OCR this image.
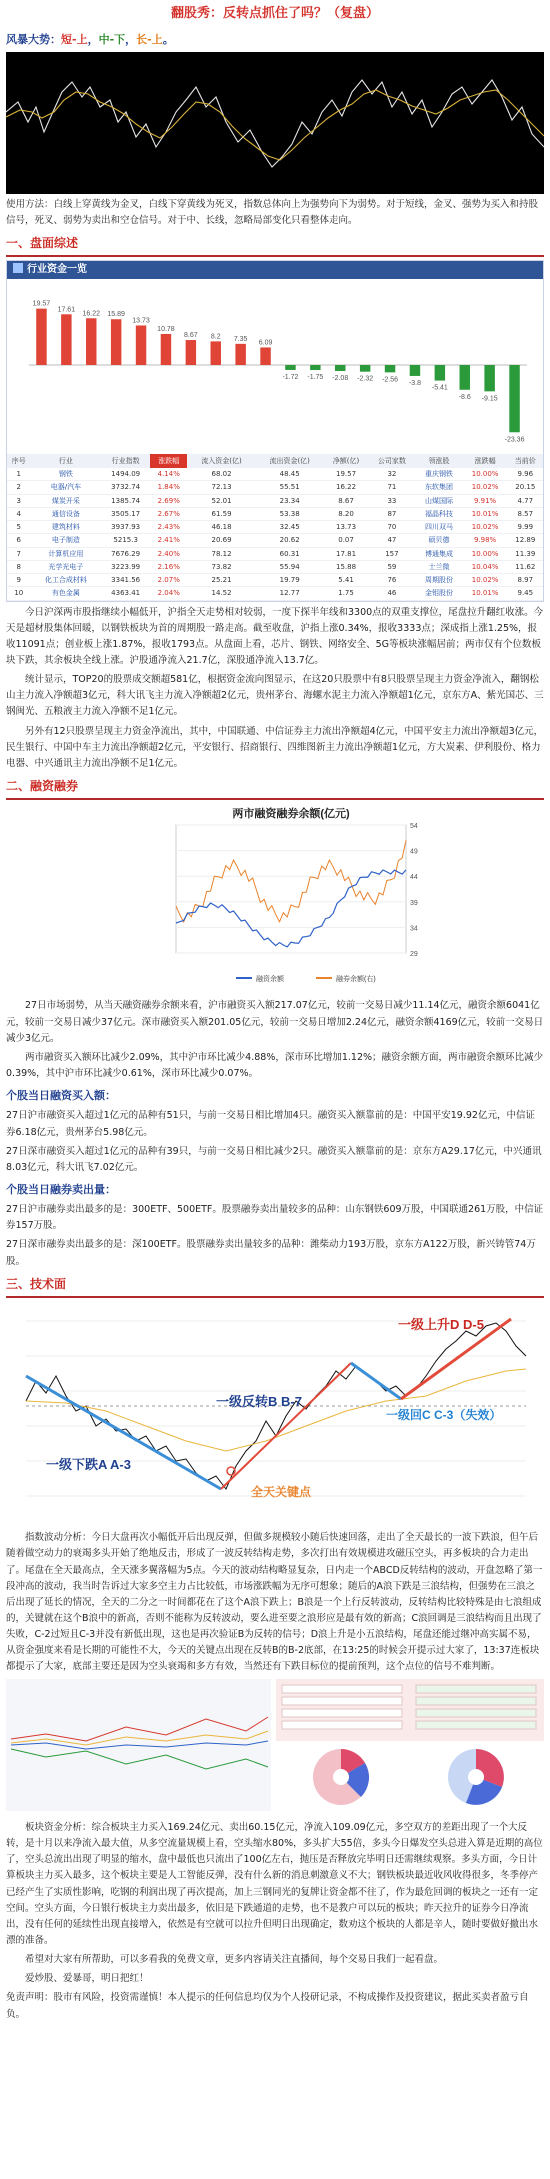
翻股秀：反转点抓住了吗？（复盘）
风暴大势：短-上，中-下，长-上。

使用方法：白线上穿黄线为金叉，白线下穿黄线为死叉，指数总体向上为强势向下为弱势。对于短线，金叉、强势为买入和持股信号，死叉、弱势为卖出和空仓信号。对于中、长线，忽略局部变化只看整体走向。

一、盘面综述
行业资金一览
19.57
17.61
16.22 15.89
13.73
10.78
8.67 8.2 7.35
6.09
-1.72 -1.75 -2.08 -2.32 -2.56
-3.8
-5.41
-8.6 -9.15
-23.36
序号	行业	行业指数	涨跌幅	流入资金(亿)	流出资金(亿)	净额(亿)	公司家数	领涨股	涨跌幅	当前价
1	钢铁	1494.09	4.14%	68.02	48.45	19.57	32	重庆钢铁	10.00%	9.96
2	电器/汽车	3732.74	1.84%	72.13	55.51	16.22	71	东软集团	10.02%	20.15
3	煤炭开采	1385.74	2.69%	52.01	23.34	8.67	33	山煤国际	9.91%	4.77
4	通信设备	3505.17	2.67%	61.59	53.38	8.20	87	福晶科技	10.01%	8.57
5	建筑材料	3937.93	2.43%	46.18	32.45	13.73	70	四川双马	10.02%	9.99
6	电子制造	5215.3	2.41%	20.69	20.62	0.07	47	硕贝德	9.98%	12.89
7	计算机应用	7676.29	2.40%	78.12	60.31	17.81	157	博通集成	10.00%	11.39
8	光学光电子	3223.99	2.16%	73.82	55.94	15.88	59	士兰微	10.04%	11.62
9	化工合成材料	3341.56	2.07%	25.21	19.79	5.41	76	周期股份	10.02%	8.97
10	有色金属	4363.41	2.04%	14.52	12.77	1.75	46	金钼股份	10.01%	9.45

今日沪深两市股指继续小幅低开，沪指全天走势相对较弱，一度下探半年线和3300点的双重支撑位，尾盘拉升翻红收涨。今天是超材股集体回暖，以钢铁板块为首的周期股一路走高。截至收盘，沪指上涨0.34%，报收3333点；深成指上涨1.25%，报收11091点；创业板上涨1.87%，报收1793点。从盘面上看，芯片、钢铁、网络安全、5G等板块涨幅居前；两市仅有个位数板块下跌，其余板块全线上涨。沪股通净流入21.7亿，深股通净流入13.7亿。

统计显示，TOP20的股票成交额超581亿，根据资金流向图显示，在这20只股票中有8只股票呈现主力资金净流入，翻钢松山主力流入净额超3亿元，科大讯飞主力流入净额超2亿元，贵州茅台、海螺水泥主力流入净额超1亿元，京东方A、紫光国芯、三钢闽光、五粮液主力流入净额不足1亿元。

另外有12只股票呈现主力资金净流出，其中，中国联通、中信证券主力流出净额超4亿元，中国平安主力流出净额超3亿元，民生银行、中国中车主力流出净额超2亿元，平安银行、招商银行、四维图新主力流出净额超1亿元，方大炭素、伊利股份、格力电器、中兴通讯主力流出净额不足1亿元。

二、融资融券
两市融资融券余额(亿元)
54
49
44
39
34
29
融资余额	融券余额(右)

27日市场弱势，从当天融资融券余额来看，沪市融资买入额217.07亿元，较前一交易日减少11.14亿元，融资余额6041亿元，较前一交易日减少37亿元。深市融资买入额201.05亿元，较前一交易日增加2.24亿元，融资余额4169亿元，较前一交易日减少3亿元。

两市融资买入额环比减少2.09%，其中沪市环比减少4.88%，深市环比增加1.12%；融资余额方面，两市融资余额环比减少0.39%，其中沪市环比减少0.61%，深市环比减少0.07%。

个股当日融资买入额：

27日沪市融资买入超过1亿元的品种有51只，与前一交易日相比增加4只。融资买入额靠前的是：中国平安19.92亿元，中信证券6.18亿元，贵州茅台5.98亿元。

27日深市融资买入超过1亿元的品种有39只，与前一交易日相比减少2只。融资买入额靠前的是：京东方A29.17亿元，中兴通讯8.03亿元，科大讯飞7.02亿元。

个股当日融券卖出量：

27日沪市融券卖出最多的是：300ETF、500ETF。股票融券卖出量较多的品种：山东钢铁609万股，中国联通261万股，中信证券157万股。

27日深市融券卖出最多的是：深100ETF。股票融券卖出量较多的品种：潍柴动力193万股，京东方A122万股，新兴铸管74万股。

三、技术面
一级下跌A A-3
一级反转B B-7
一级回C C-3（失效）
一级上升D D-5
全天关键点

指数波动分析：今日大盘再次小幅低开后出现反弹，但做多规模较小随后快速回落，走出了全天最长的一波下跌浪，但午后随着做空动力的衰竭多头开始了绝地反击，形成了一波反转结构走势，多次打出有效规模进攻磁压空头，再多板块的合力走出了。尾盘在全天最高点，全天涨多翼落幅为5点。今天的波动结构略显复杂，日内走一个ABCD反转结构的波动，开盘忽略了第一段冲高的波动，我当时告诉过大家多空主力占比较低，市场涨跌幅为无序可想象；随后的A浪下跌是三浪结构，但强势在三浪之后出现了延长的情况，全天的二分之一时间都花在了这个A浪下跌上；B浪是一个上行反转波动，反转结构比较特殊是由七浪组成的，关键就在这个B浪中的新高，否则不能称为反转波动，要么进至要之浪形应是最有效的新高；C浪回调是三浪结构而且出现了失败，C-2过短且C-3并没有新低出现，这也是再次验证B为反转的信号；D浪上升是小五浪结构，尾盘还能过继冲高实属不易，从资金强度来看是长期的可能性不大，今天的关键点出现在反转B的B-2底部，在13:25的时候会开提示过大家了，13:37连板块都提示了大家，底部主要还是因为空头衰竭和多方有效，当然还有下跌目标位的提前预判，这个点位的信号不难判断。

板块资金分析：综合板块主力买入169.24亿元、卖出60.15亿元，净流入109.09亿元，多空双方的差距出现了一个大反转，是十月以来净流入最大值，从多空流量规模上看，空头缩水80%，多头扩大55倍，多头今日爆发空头总进入算是近期的高位了，空头总流出出现了明显的缩水，盘中最低也只流出了100亿左右，抛压是否释放完毕明日还需继续观察。多头方面，今日计算板块主力买入最多，这个板块主要是人工智能反弹，没有什么新的消息刺激意义不大；钢铁板块最近收风收得很多，冬季停产已经产生了实质性影响，吃钢的利润出现了再次提高，加上三钢同光的复牌让资金都不往了，作为最危回调的板块之一还有一定空间。空头方面，今日银行板块主力卖出最多，依旧是下跌通道的走势，也不是教户可以玩的板块；昨天拉升的证券今日净流出，没有任何的延续性出现直接增入，依然是有空就可以拉升但明日出现确定，数劝这个板块的人都是辛人，随时要做好撤出水漂的准备。

希望对大家有所帮助，可以多看我的免费文章，更多内容请关注直播间，每个交易日我们一起看盘。

爱炒股、爱暴哥，明日把红！

免责声明：股市有风险，投资需谨慎！本人提示的任何信息均仅为个人投研记录，不构成操作及投资建议，据此买卖者盈亏自负。
